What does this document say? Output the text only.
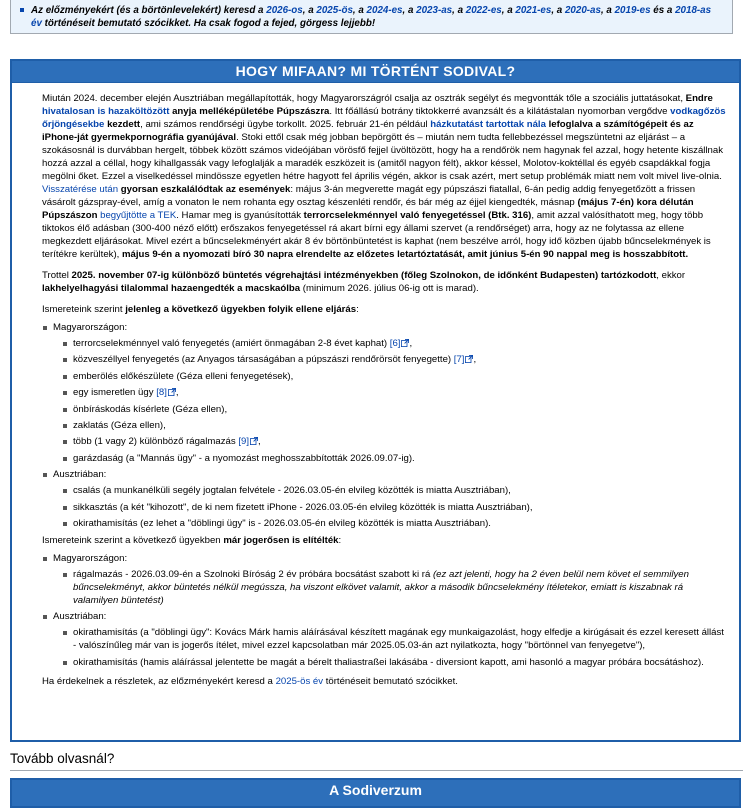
Az előzményekért (és a börtönlevelekért) keresd a 2026-os, a 2025-ös, a 2024-es, a 2023-as, a 2022-es, a 2021-es, a 2020-as, a 2019-es és a 2018-as év történéseit bemutató szócikket. Ha csak fogod a fejed, görgess lejjebb!
HOGY MIFAAN? MI TÖRTÉNT SODIVAL?

Miután 2024. december elején Ausztriában megállapították, hogy Magyarországról csalja az osztrák segélyt és megvontták tőle a szociális juttatásokat, Endre hivatalosan is hazaköltözött anyja melléképületébe Púpszászra. Itt főállású botrány tiktokkerré avanzsált és a kilátástalan nyomorban vergődve vodkagőzös őrjöngésekbe kezdett, ami számos rendőrségi ügybe torkollt. 2025. február 21-én például házkutatást tartottak nála lefoglalva a számítógépeit és az iPhone-ját gyermekpornográfia gyanújával. Stoki ettől csak még jobban bepörgött és – miután nem tudta fellebbezéssel megszüntetni az eljárást – a szokásosnál is durvábban hergelt, többek között számos videójában vörösfő fejjel üvöltözött, hogy ha a rendőrök nem hagynak fel azzal, hogy hetente kiszállnak hozzá azzal a céllal, hogy kihallgassák vagy lefoglalják a maradék eszközeit is (amitől nagyon félt), akkor késsel, Molotov-koktéllal és egyéb csapdákkal fogja megölni őket. Ezzel a viselkedéssel mindössze egyetlen hétre hagyott fel április végén, akkor is csak azért, mert setup problémák miatt nem volt mivel live-olnia. Visszatérése után gyorsan eszkalálódtak az események: május 3-án megverette magát egy púpszászi fiatallal, 6-án pedig addig fenyegetőzött a frissen vásárolt gázspray-ével, amíg a vonaton le nem rohanta egy osztag készenléti rendőr, és bár még az éjjel kiengedték, másnap (május 7-én) kora délután Púpszászon begyűjtötte a TEK. Hamar meg is gyanúsították terrorcselekménnyel való fenyegetéssel (Btk. 316), amit azzal valósíthatott meg, hogy több tiktokos élő adásban (300-400 néző előtt) erőszakos fenyegetéssel rá akart bírni egy állami szervet (a rendőrséget) arra, hogy az ne folytassa az ellene megkezdett eljárásokat. Mivel ezért a bűncselekményért akár 8 év börtönbüntetést is kaphat (nem beszélve arról, hogy idő közben újabb bűncselekmények is terítékre kerültek), május 9-én a nyomozati bíró 30 napra elrendelte az előzetes letartóztatását, amit június 5-én 90 nappal meg is hosszabbított.

Trottel 2025. november 07-ig különböző büntetés végrehajtási intézményekben (főleg Szolnokon, de időnként Budapesten) tartózkodott, ekkor lakhelyelhagyási tilalommal hazaengedték a macskaólba (minimum 2026. július 06-ig ott is marad).

Ismereteink szerint jelenleg a következő ügyekben folyik ellene eljárás:

Magyarországon:
terrorcselekménnyel való fenyegetés (amiért önmagában 2-8 évet kaphat) [6] ,
közveszéllyel fenyegetés (az Anyagos társaságában a púpszászi rendőrörsöt fenyegette) [7] ,
emberölés előkészülete (Géza elleni fenyegetések),
egy ismeretlen ügy [8] ,
önbíráskodás kísérlete (Géza ellen),
zaklatás (Géza ellen),
több (1 vagy 2) különböző rágalmazás [9] ,
garázdaság (a "Mannás ügy" - a nyomozást meghosszabbították 2026.09.07-ig).
Ausztriában:
csalás (a munkanélküli segély jogtalan felvétele - 2026.03.05-én elvileg közötték is miatta Ausztriában),
sikkasztás (a két "kihozott", de ki nem fizetett iPhone - 2026.03.05-én elvileg közötték is miatta Ausztriában),
okirathamisítás (ez lehet a "döblingi ügy" is - 2026.03.05-én elvileg közötték is miatta Ausztriában).

Ismereteink szerint a következő ügyekben már jogerősen is elítélték:

Magyarországon:
rágalmazás - 2026.03.09-én a Szolnoki Bíróság 2 év próbára bocsátást szabott ki rá (ez azt jelenti, hogy ha 2 éven belül nem követ el semmilyen bűncselekményt, akkor büntetés nélkül megússza, ha viszont elkövet valamit, akkor a második bűncselekmény ítéletekor, emiatt is kiszabnak rá valamilyen büntetést)
Ausztriában:
okirathamisítás (a "döblingi ügy": Kovács Márk hamis aláírásával készített magának egy munkaigazolást, hogy elfedje a kirúgásait és ezzel keresett állást - valószínűleg már van is jogerős ítélet, mivel ezzel kapcsolatban már 2025.05.03-án azt nyilatkozta, hogy "börtönnel van fenyegetve"),
okirathamisítás (hamis aláírással jelentette be magát a bérelt thaliastraßei lakásába - diversiont kapott, ami hasonló a magyar próbára bocsátáshoz).

Ha érdekelnek a részletek, az előzményekért keresd a 2025-ös év történéseit bemutató szócikket.

Tovább olvasnál?
A Sodiverzum
